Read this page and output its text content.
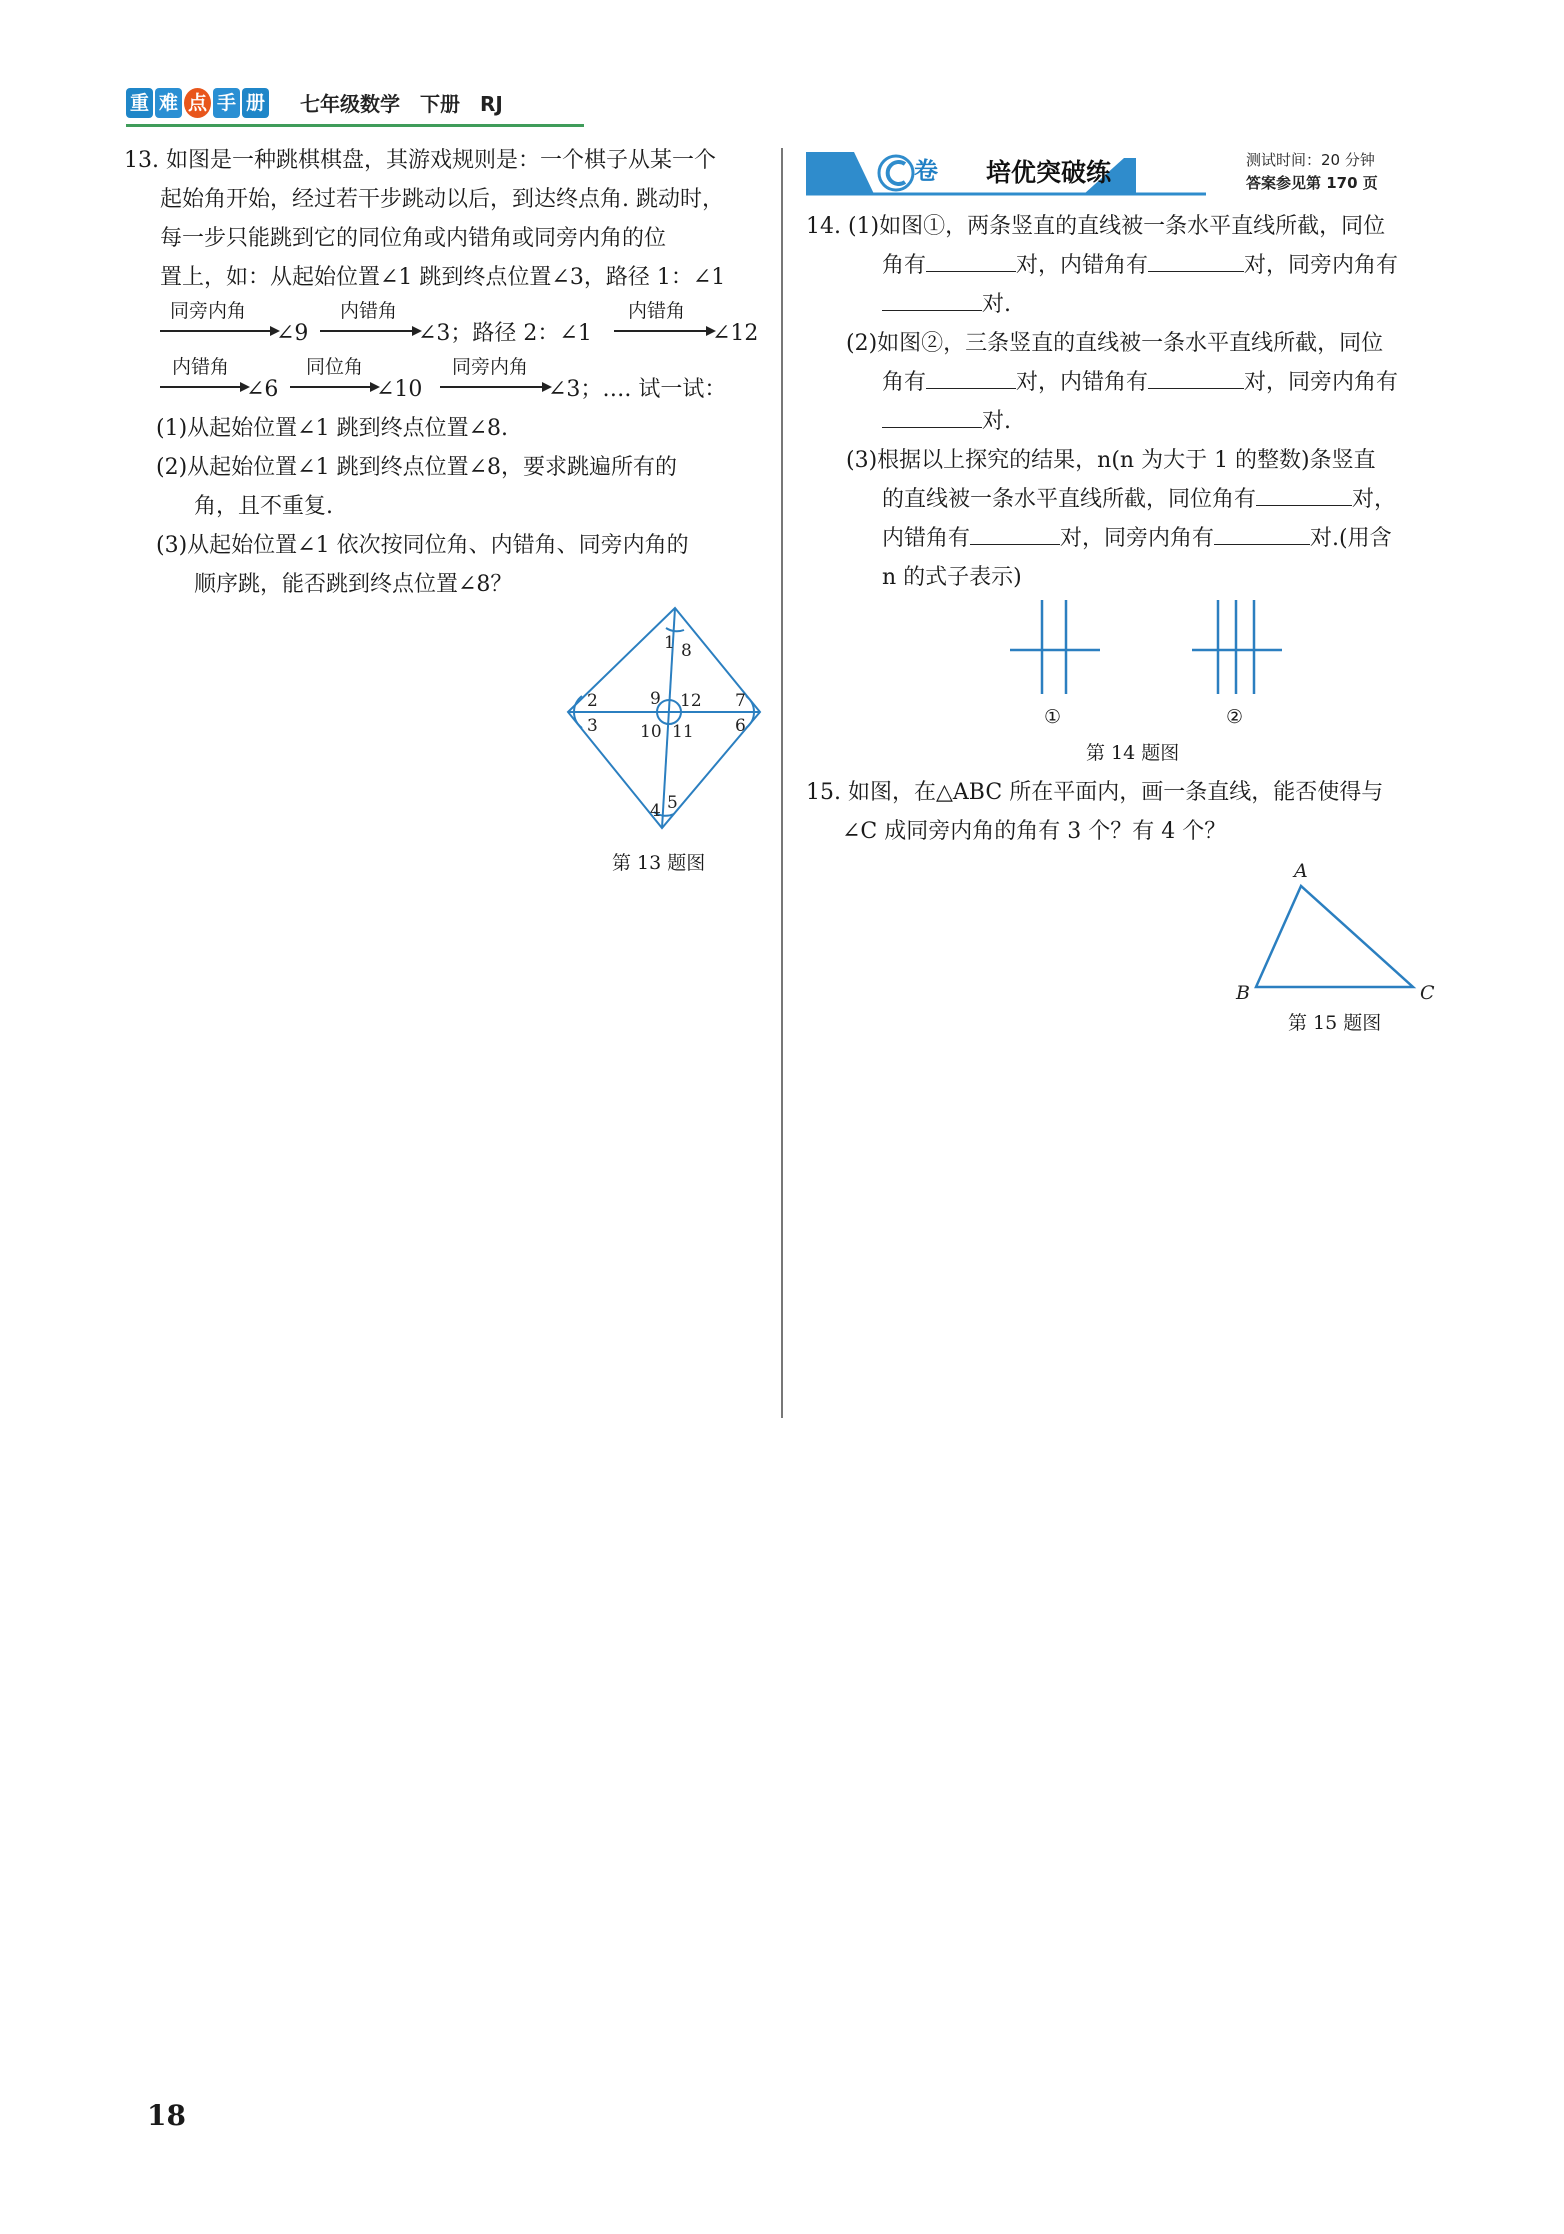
重 难 点 手 册 七年级数学　下册　RJ
13. 如图是一种跳棋棋盘，其游戏规则是：一个棋子从某一个
起始角开始，经过若干步跳动以后，到达终点角. 跳动时，
每一步只能跳到它的同位角或内错角或同旁内角的位
置上，如：从起始位置∠1 跳到终点位置∠3，路径 1：∠1
同旁内角
∠9
内错角
∠3；路径 2：∠1
内错角
∠12
内错角
∠6
同位角
∠10
同旁内角
∠3；…. 试一试：
(1)从起始位置∠1 跳到终点位置∠8.
(2)从起始位置∠1 跳到终点位置∠8，要求跳遍所有的
角，且不重复.
(3)从起始位置∠1 依次按同位角、内错角、同旁内角的
顺序跳，能否跳到终点位置∠8？
1 8
2	9 12 7
3 10 11 6
4 5
第 13 题图
卷 培优突破练	测试时间：20 分钟
答案参见第 170 页
14. (1)如图①，两条竖直的直线被一条水平直线所截，同位
角有	对，内错角有	对，同旁内角有
对.
(2)如图②，三条竖直的直线被一条水平直线所截，同位
角有	对，内错角有	对，同旁内角有
对.
(3)根据以上探究的结果，n(n 为大于 1 的整数)条竖直
的直线被一条水平直线所截，同位角有	对，
内错角有	对，同旁内角有	对.(用含
n 的式子表示)
①	②
第 14 题图
15. 如图，在△ABC 所在平面内，画一条直线，能否使得与
∠C 成同旁内角的角有 3 个？有 4 个？
A
B	C
第 15 题图
18
